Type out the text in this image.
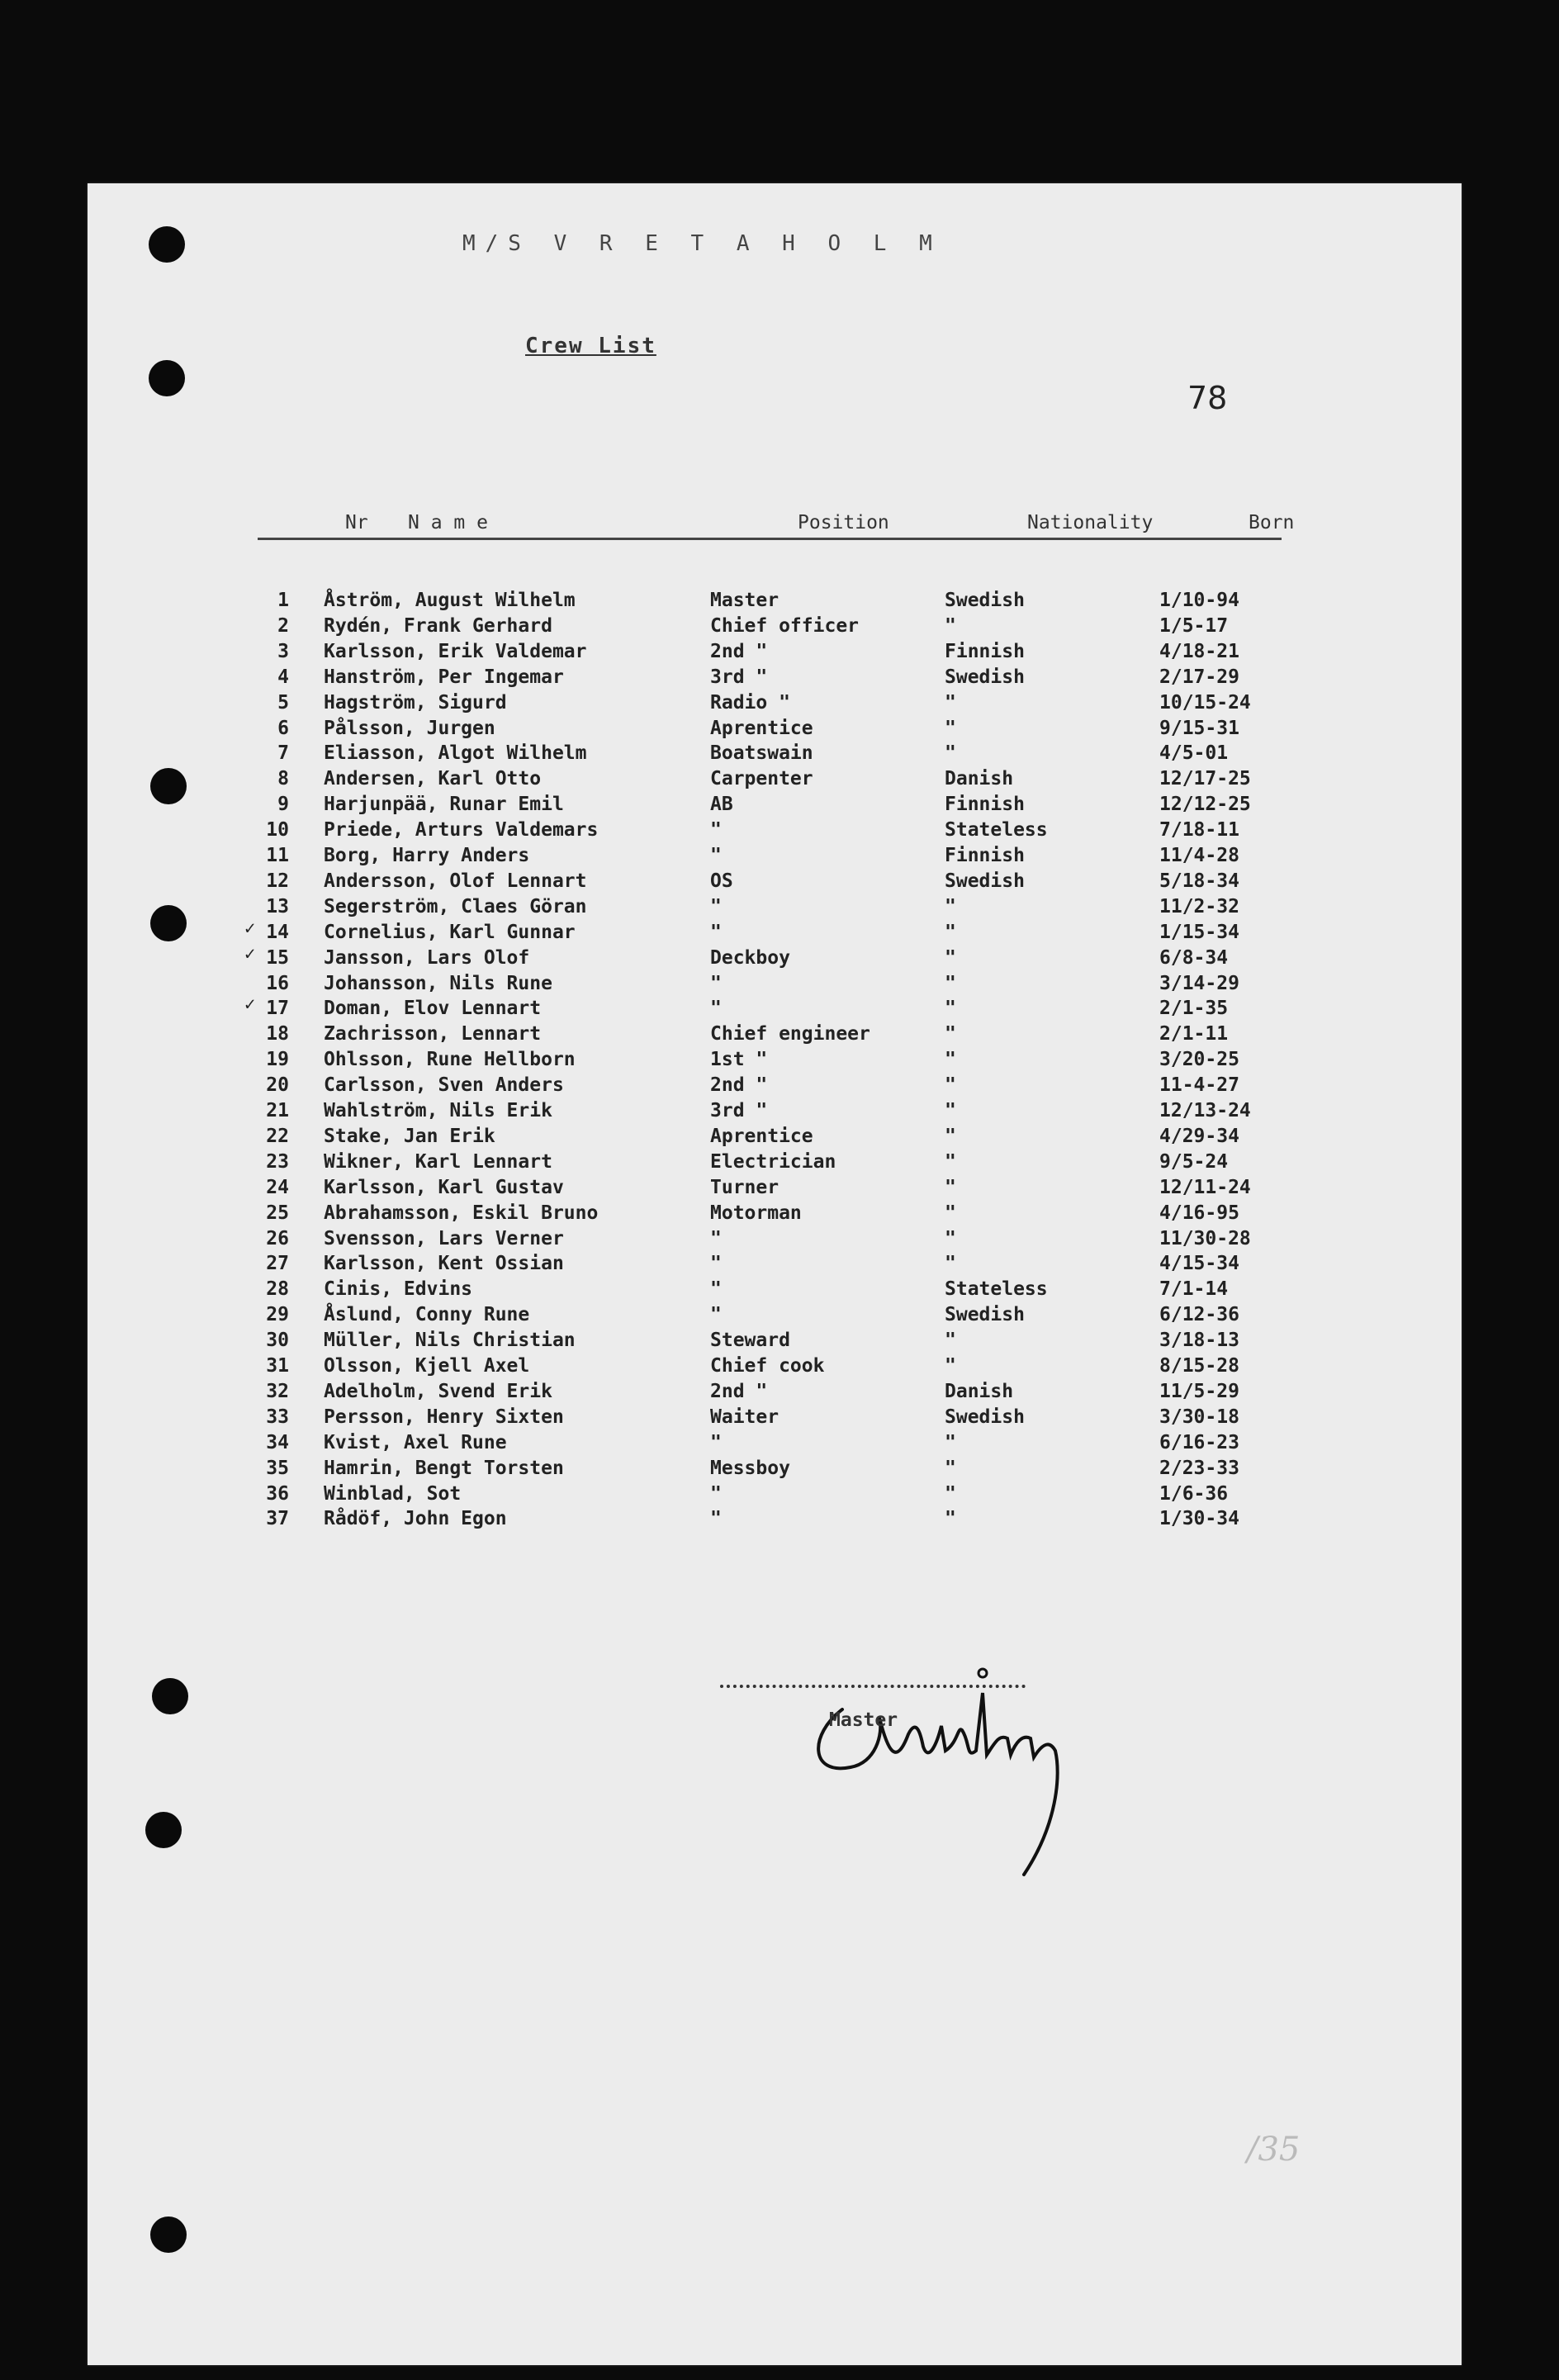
M/S V R E T A H O L M
Crew List
78
Nr N a m e	Position	Nationality	Born
1 Åström, August Wilhelm	Master	Swedish	1/10-94
2 Rydén, Frank Gerhard	Chief officer	"	1/5-17
3 Karlsson, Erik Valdemar	2nd "	Finnish	4/18-21
4 Hanström, Per Ingemar	3rd "	Swedish	2/17-29
5 Hagström, Sigurd	Radio "	"	10/15-24
6 Pålsson, Jurgen	Aprentice	"	9/15-31
7 Eliasson, Algot Wilhelm	Boatswain	"	4/5-01
8 Andersen, Karl Otto	Carpenter	Danish	12/17-25
9 Harjunpää, Runar Emil	AB	Finnish	12/12-25
10 Priede, Arturs Valdemars	"	Stateless	7/18-11
11 Borg, Harry Anders	"	Finnish	11/4-28
12 Andersson, Olof Lennart	OS	Swedish	5/18-34
13 Segerström, Claes Göran	"	"	11/2-32
14 Cornelius, Karl Gunnar	"	"	1/15-34
✓
15 Jansson, Lars Olof	Deckboy	"	6/8-34
✓
16 Johansson, Nils Rune	"	"	3/14-29
17 Doman, Elov Lennart	"	"	2/1-35
✓
18 Zachrisson, Lennart	Chief engineer	"	2/1-11
19 Ohlsson, Rune Hellborn	1st "	"	3/20-25
20 Carlsson, Sven Anders	2nd "	"	11-4-27
21 Wahlström, Nils Erik	3rd "	"	12/13-24
22 Stake, Jan Erik	Aprentice	"	4/29-34
23 Wikner, Karl Lennart	Electrician	"	9/5-24
24 Karlsson, Karl Gustav	Turner	"	12/11-24
25 Abrahamsson, Eskil Bruno	Motorman	"	4/16-95
26 Svensson, Lars Verner	"	"	11/30-28
27 Karlsson, Kent Ossian	"	"	4/15-34
28 Cinis, Edvins	"	Stateless	7/1-14
29 Åslund, Conny Rune	"	Swedish	6/12-36
30 Müller, Nils Christian	Steward	"	3/18-13
31 Olsson, Kjell Axel	Chief cook	"	8/15-28
32 Adelholm, Svend Erik	2nd "	Danish	11/5-29
33 Persson, Henry Sixten	Waiter	Swedish	3/30-18
34 Kvist, Axel Rune	"	"	6/16-23
35 Hamrin, Bengt Torsten	Messboy	"	2/23-33
36 Winblad, Sot	"	"	1/6-36
37 Rådöf, John Egon	"	"	1/30-34
Master
/35
